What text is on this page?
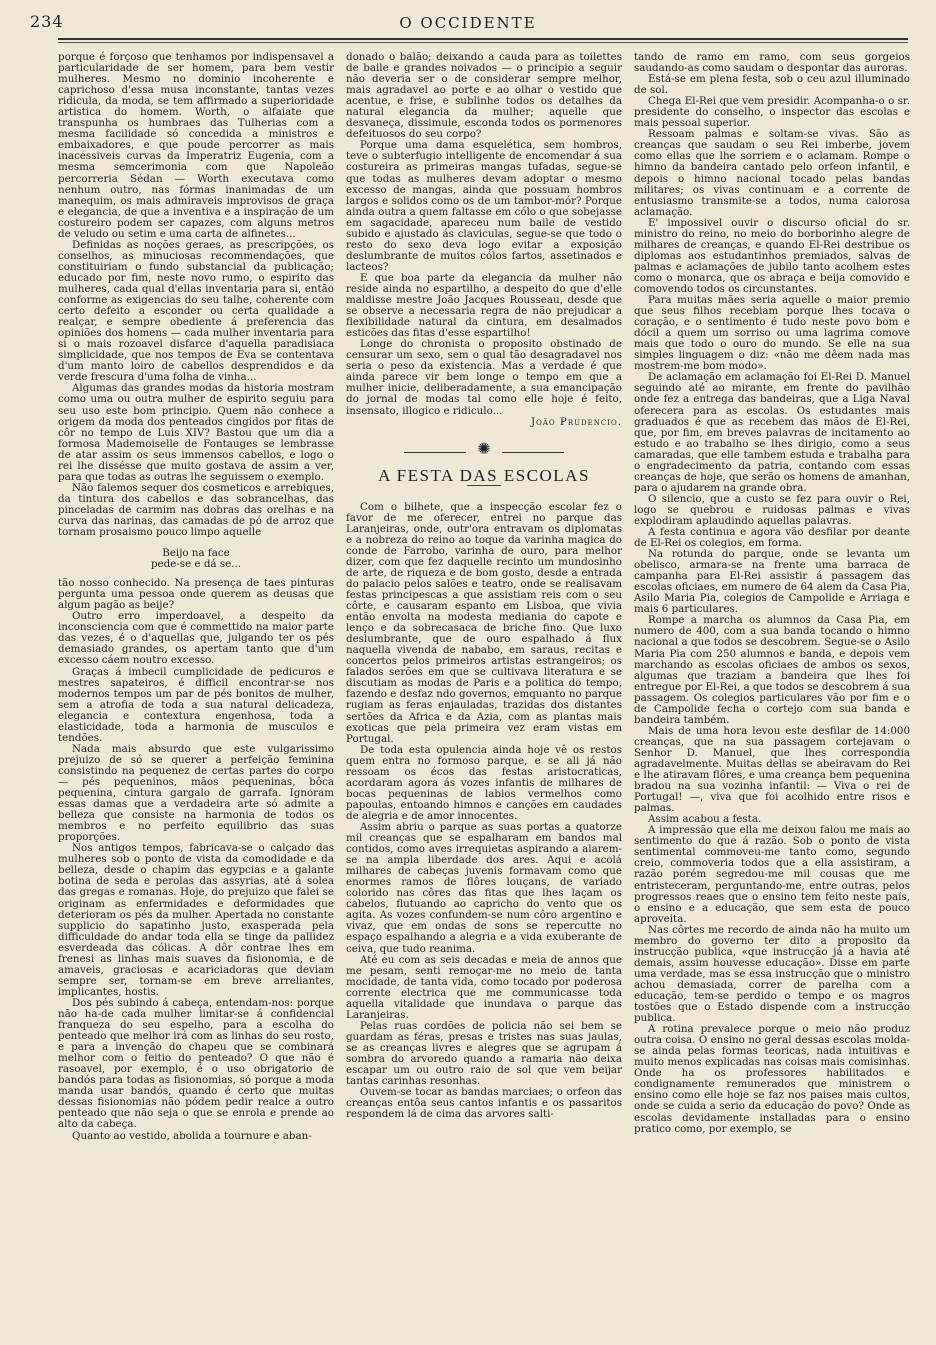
234	O OCCIDENTE

porque é forçoso que tenhamos por indispensavel a particularidade de ser homem, para bem vestir mulheres. Mesmo no dominio incoherente e caprichoso d'essa musa inconstante, tantas vezes ridicula, da moda, se tem affirmado a superioridade artistica do homem. Worth, o alfaiate que transpunha os humbraes das Tulherias com a mesma facilidade só concedida a ministros e embaixadores, e que poude percorrer as mais inacessiveis curvas da Imperatriz Eugenia, com a mesma semcerimonia com que Napoleão percorreria Sédan — Worth executava como nenhum outro, nas fórmas inanimadas de um manequim, os mais admiraveis improvisos de graça e elegancia, de que a inventiva e a inspiração de um costureiro podem ser capazes, com alguns metros de veludo ou setim e uma carta de alfinetes...

Definidas as noções geraes, as prescripções, os conselhos, as minuciosas recommendações, que constituiriam o fundo substancial da publicação; educado por fim, neste novo rumo, o espirito das mulheres, cada qual d'ellas inventaria para si, então conforme as exigencias do seu talhe, coherente com certo defeito a esconder ou certa qualidade a realçar, e sempre obediente á preferencia das opiniões dos homens — cada mulher inventaria para si o mais rozoavel disfarce d'aquella paradisiaca simplicidade, que nos tempos de Eva se contentava d'um manto loiro de cabellos desprendidos e da verde frescura d'uma folha de vinha...

Algumas das grandes modas da historia mostram como uma ou outra mulher de espirito seguiu para seu uso este bom principio. Quem não conhece a origem da moda dos penteados cingidos por fitas de côr no tempo de Luis XIV? Bastou que um dia a formosa Mademoiselle de Fontauges se lembrasse de atar assim os seus immensos cabellos, e logo o rei lhe dissésse que muito gostava de assim a ver, para que todas as outras lhe seguissem o exemplo.

Não falemos sequer dos cosmeticos e arrebiques, da tintura dos cabellos e das sobrancelhas, das pinceladas de carmim nas dobras das orelhas e na curva das narinas, das camadas de pó de arroz que tornam prosaismo pouco limpo aquelle

Beijo na face
pede-se e dá se...

tão nosso conhecido. Na presença de taes pinturas pergunta uma pessoa onde querem as deusas que algum pagão as beije?

Outro erro imperdoavel, a despeito da inconsciencia com que é commettido na maior parte das vezes, é o d'aquellas que, julgando ter os pés demasiado grandes, os apertam tanto que d'um excesso cáem noutro excesso.

Graças á imbecil cumplicidade de pedicuros e mestres sapateiros, é difficil encontrar-se nos modernos tempos um par de pés bonitos de mulher, sem a atrofia de toda a sua natural delicadeza, elegancia e contextura engenhosa, toda a elasticidade, toda a harmonia de musculos e tendões.

Nada mais absurdo que este vulgarissimo prejuizo de só se querer a perfeição feminina consistindo na pequenez de certas partes do corpo — pés pequeninos, mãos pequeninas, bôca pequenina, cintura gargalo de garrafa. Ignoram essas damas que a verdadeira arte só admite a belleza que consiste na harmonia de todos os membros e no perfeito equilibrio das suas proporções.

Nos antigos tempos, fabricava-se o calçado das mulheres sob o ponto de vista da comodidade e da belleza, desde o chapim das egypcias e a galante botina de seda e perolas das assyrias, até á solea das gregas e romanas. Hoje, do prejuizo que falei se originam as enfermidades e deformidades que deterioram os pés da mulher. Apertada no constante supplicio do sapatinho justo, exasperada pela difficuldade do andar toda ella se tinge da pallidez esverdeada das cólicas. A dôr contrae lhes em frenesi as linhas mais suaves da fisionomia, e de amaveis, graciosas e acariciadoras que deviam sempre ser, tornam-se em breve arreliantes, implicantes, hostis.

Dos pés subindo á cabeça, entendam-nos: porque não ha-de cada mulher limitar-se á confidencial franqueza do seu espelho, para a escolha do penteado que melhor irá com as linhas do seu rosto, e para a invenção do chapeu que se combinará melhor com o feitio do penteado? O que não é rasoavel, por exemplo, é o uso obrigatorio de bandós para todas as fisionomias, só porque a moda manda usar bandós, quando é certo que muitas dessas fisionomias não pódem pedir realce a outro penteado que não seja o que se enrola e prende ao alto da cabeça.

Quanto ao vestido, abolida a tournure e aban-

donado o balão; deixando a cauda para as toilettes de baile e grandes noivados — o principio a seguir não deveria ser o de considerar sempre melhor, mais agradavel ao porte e ao olhar o vestido que acentue, e frise, e sublinhe todos os detalhes da natural elegancia da mulher; aquelle que desvaneça, dissimule, esconda todos os pormenores defeituosos do seu corpo?

Porque uma dama esquelética, sem hombros, teve o subterfugio intelligente de encomendar á sua costureira as primeiras mangas tufadas, segue-se que todas as mulheres devam adoptar o mesmo excesso de mangas, ainda que possuam hombros largos e solidos como os de um tambor-mór? Porque ainda outra a quem faltasse em cólo o que sobejasse em sagacidade, apareceu num baile de vestido subido e ajustado ás claviculas, segue-se que todo o resto do sexo deva logo evitar a exposição deslumbrante de muitos cólos fartos, assetinados e lacteos?

E que boa parte da elegancia da mulher não reside ainda no espartilho, a despeito do que d'elle maldisse mestre João Jacques Rousseau, desde que se observe a necessaria regra de não prejudicar a flexibilidade natural da cintura, em desalmados esticões das fitas d'esse espartilho!

Longe do chronista o proposito obstinado de censurar um sexo, sem o qual tão desagradavel nos seria o peso da existencia. Mas a verdade é que ainda parece vir bem longe o tempo em que a mulher inicie, deliberadamente, a sua emancipação do jornal de modas tal como elle hoje é feito, insensato, illogico e ridiculo...

João Prudencio.

✺
A FESTA DAS ESCOLAS

Com o bilhete, que a inspecção escolar fez o favor de me oferecer, entrei no parque das Laranjeiras, onde, outr'ora entravam os diplomatas e a nobreza do reino ao toque da varinha magica do conde de Farrobo, varinha de ouro, para melhor dizer, com que fez daquelle recinto um mundosinho de arte, de riqueza e de bom gosto, desde a entrada do palacio pelos salões e teatro, onde se realisavam festas principescas a que assistiam reis com o seu côrte, e causaram espanto em Lisboa, que vivia então envolta na modesta mediania do capote e lenço e da sobrecasaca de briche fino. Que luxo deslumbrante, que de ouro espalhado á flux naquella vivenda de nababo, em saraus, recitas e concertos pelos primeiros artistas estrangeiros; os falados serões em que se cultivava literatura e se discutiam as modas de Paris e a politica do tempo, fazendo e desfaz ndo governos, emquanto no parque rugiam as feras enjauladas, trazidas dos distantes sertões da Africa e da Azia, com as plantas mais exoticas que pela primeira vez eram vistas em Portugal.

De toda esta opulencia ainda hoje vê os restos quem entra no formoso parque, e se ali já não ressoam os écos das festas aristocraticas, acordaram agora ás vozes infantis de milhares de bocas pequeninas de labios vermelhos como papoulas, entoando himnos e canções em caudades de alegria e de amor innocentes.

Assim abriu o parque as suas portas a quatorze mil creanças que se espalharam em bandos mal contidos, como aves irrequietas aspirando a alarem-se na ampla liberdade dos ares. Aqui e acolá milhares de cabeças juvenis formavam como que enormes ramos de flôres louçans, de variado colorido nas côres das fitas que lhes laçam os cabelos, flutuando ao capricho do vento que os agita. As vozes confundem-se num côro argentino e vivaz, que em ondas de sons se repercutte no espaço espalhando a alegria e a vida exuberante de ceiva, que tudo reanima.

Até eu com as seis decadas e meia de annos que me pesam, senti remoçar-me no meio de tanta mocidade, de tanta vida, como tocado por poderosa corrente electrica que me communicasse toda aquella vitalidade que inundava o parque das Laranjeiras.

Pelas ruas cordões de policia não sei bem se guardam as féras, presas e tristes nas suas jaulas, se as creanças livres e alegres que se agrupam á sombra do arvoredo quando a ramaria não deixa escapar um ou outro raio de sol que vem beijar tantas carinhas resonhas.

Ouvem-se tocar as bandas marciaes; o orfeon das creanças entôa seus cantos infantis e os passaritos respondem lá de cima das arvores salti-

tando de ramo em ramo, com seus gorgeios saudando-as como saudam o despontar das auroras.

Está-se em plena festa, sob o ceu azul illuminado de sol.

Chega El-Rei que vem presidir. Acompanha-o o sr. presidente do conselho, o inspector das escolas e mais pessoal superior.

Ressoam palmas e soltam-se vivas. São as creanças que saudam o seu Rei imberbe, jovem como ellas que lhe sorriem e o aclamam. Rompe o himno da bandeira cantado pelo orfeon infantil, e depois o himno nacional tocado pelas bandas militares; os vivas continuam e a corrente de entusiasmo transmite-se a todos, numa calorosa aclamação.

E' impossivel ouvir o discurso oficial do sr. ministro do reino, no meio do borborinho alegre de milhares de creanças, e quando El-Rei destribue os diplomas aos estudantinhos premiados, salvas de palmas e aclamações de jubilo tanto acolhem estes como o monarca, que os abraça e beija comovido e comovendo todos os circunstantes.

Para muitas mães seria aquelle o maior premio que seus filhos recebiam porque lhes tocava o coração, e o sentimento é tudo neste povo bom e dócil a quem um sorriso ou uma lagrima comove mais que todo o ouro do mundo. Se elle na sua simples linguagem o diz: «não me dêem nada mas mostrem-me bom modo».

De aclamação em aclamação foi El-Rei D. Manuel seguindo até ao mirante, em frente do pavilhão onde fez a entrega das bandeiras, que a Liga Naval oferecera para as escolas. Os estudantes mais graduados é que as recebem das mãos de El-Rei, que, por fim, em breves palavras de incitamento ao estudo e ao trabalho se lhes dirigio, como a seus camaradas, que elle tambem estuda e trabalha para o engradecimento da patria, contando com essas creanças de hoje, que serão os homens de amanhan, para o ajudarem na grande obra.

O silencio, que a custo se fez para ouvir o Rei, logo se quebrou e ruidosas palmas e vivas explodiram aplaudindo aquellas palavras.

A festa continua e agora vão desfilar por deante de El-Rei os colegios, em forma.

Na rotunda do parque, onde se levanta um obelisco, armara-se na frente uma barraca de campanha para El-Rei assistir á passagem das escolas oficiaes, em numero de 64 alem da Casa Pia, Asilo Maria Pia, colegios de Campolide e Arriaga e mais 6 particulares.

Rompe a marcha os alumnos da Casa Pia, em numero de 400, com a sua banda tocando o himno nacional a que todos se descobrem. Segue-se o Asilo Maria Pia com 250 alumnos e banda, e depois vem marchando as escolas oficiaes de ambos os sexos, algumas que traziam a bandeira que lhes foi entregue por El-Rei, a que todos se descobrem á sua passagem. Os colegios particulares vão por fim e o de Campolide fecha o cortejo com sua banda e bandeira também.

Mais de uma hora levou este desfilar de 14:000 creanças, que na sua passagem cortejavam o Senhor D. Manuel, que lhes correspondia agradavelmente. Muitas dellas se abeiravam do Rei e lhe atiravam flôres, e uma creança bem pequenina bradou na sua vozinha infantil: — Viva o rei de Portugal! —, viva que foi acolhido entre risos e palmas.

Assim acabou a festa.

A impressão que ella me deixou falou me mais ao sentimento do que á razão. Sob o ponto de vista sentimental commoveu-me tanto como, segundo creio, commoveria todos que a ella assistiram, a razão porém segredou-me mil cousas que me entristeceram, perguntando-me, entre outras, pelos progressos reaes que o ensino tem feito neste país, o ensino e a educação, que sem esta de pouco aproveita.

Nas côrtes me recordo de ainda não ha muito um membro do governo ter dito a proposito da instrucção publica, «que instrucção já a havia até demais, assim houvesse educação». Disse em parte uma verdade, mas se essa instrucção que o ministro achou demasiada, correr de parelha com a educação, tem-se perdido o tempo e os magros tostões que o Estado dispende com a instrucção publica.

A rotina prevalece porque o meio não produz outra coisa. O ensino no geral dessas escolas molda-se ainda pelas formas teoricas, nada intuitivas e muito menos explicadas nas coisas mais comisinhas. Onde ha os professores habilitados e condignamente remunerados que ministrem o ensino como elle hoje se faz nos paises mais cultos, onde se cuida a serio da educação do povo? Onde as escolas devidamente installadas para o ensino pratico como, por exemplo, se
